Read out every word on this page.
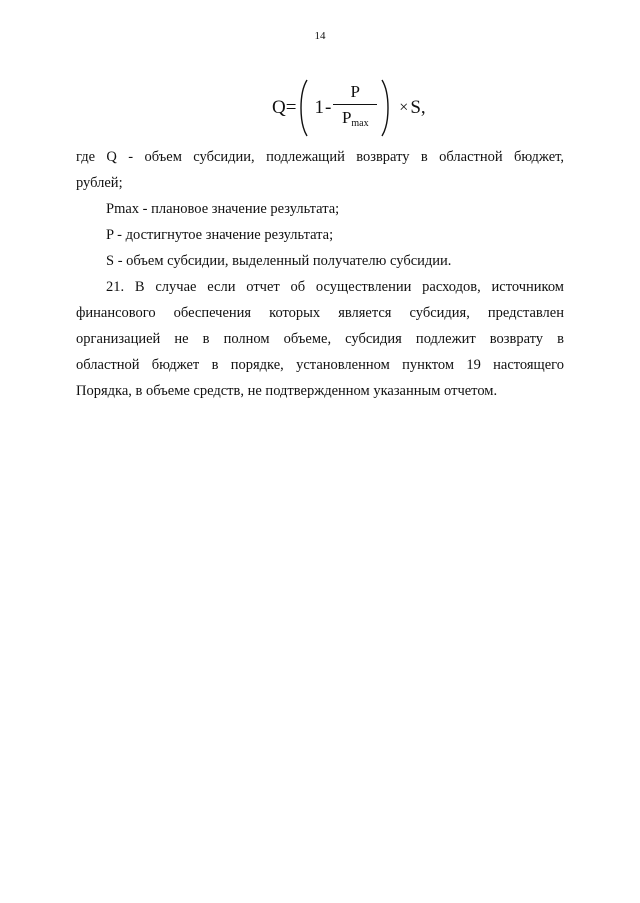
14
$Q = 1 - \frac{P}{P_{max}} \times S$,
где Q - объем субсидии, подлежащий возврату в областной бюджет,
рублей;
Pmax - плановое значение результата;
P - достигнутое значение результата;
S - объем субсидии, выделенный получателю субсидии.
21. В случае если отчет об осуществлении расходов, источником
финансового обеспечения которых является субсидия, представлен
организацией не в полном объеме, субсидия подлежит возврату в
областной бюджет в порядке, установленном пунктом 19 настоящего
Порядка, в объеме средств, не подтвержденном указанным отчетом.
